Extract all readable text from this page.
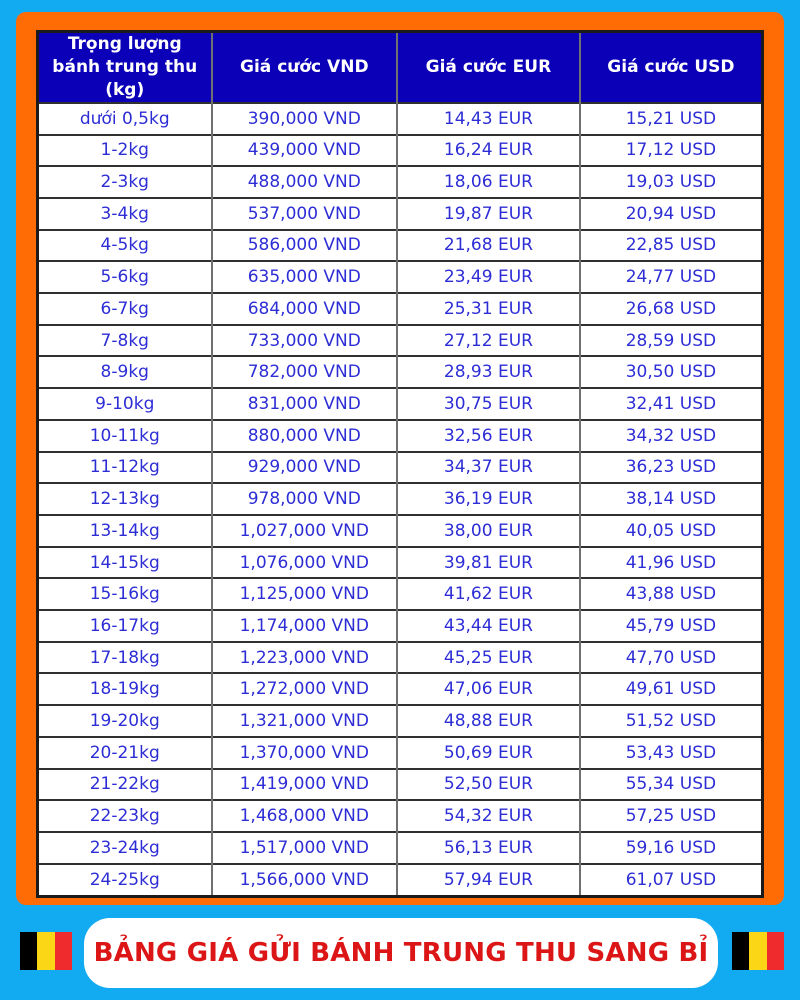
Trọng lượng bánh trung thu (kg)	Giá cước VND	Giá cước EUR	Giá cước USD
dưới 0,5kg	390,000 VND	14,43 EUR	15,21 USD
1-2kg	439,000 VND	16,24 EUR	17,12 USD
2-3kg	488,000 VND	18,06 EUR	19,03 USD
3-4kg	537,000 VND	19,87 EUR	20,94 USD
4-5kg	586,000 VND	21,68 EUR	22,85 USD
5-6kg	635,000 VND	23,49 EUR	24,77 USD
6-7kg	684,000 VND	25,31 EUR	26,68 USD
7-8kg	733,000 VND	27,12 EUR	28,59 USD
8-9kg	782,000 VND	28,93 EUR	30,50 USD
9-10kg	831,000 VND	30,75 EUR	32,41 USD
10-11kg	880,000 VND	32,56 EUR	34,32 USD
11-12kg	929,000 VND	34,37 EUR	36,23 USD
12-13kg	978,000 VND	36,19 EUR	38,14 USD
13-14kg	1,027,000 VND	38,00 EUR	40,05 USD
14-15kg	1,076,000 VND	39,81 EUR	41,96 USD
15-16kg	1,125,000 VND	41,62 EUR	43,88 USD
16-17kg	1,174,000 VND	43,44 EUR	45,79 USD
17-18kg	1,223,000 VND	45,25 EUR	47,70 USD
18-19kg	1,272,000 VND	47,06 EUR	49,61 USD
19-20kg	1,321,000 VND	48,88 EUR	51,52 USD
20-21kg	1,370,000 VND	50,69 EUR	53,43 USD
21-22kg	1,419,000 VND	52,50 EUR	55,34 USD
22-23kg	1,468,000 VND	54,32 EUR	57,25 USD
23-24kg	1,517,000 VND	56,13 EUR	59,16 USD
24-25kg	1,566,000 VND	57,94 EUR	61,07 USD
BẢNG GIÁ GỬI BÁNH TRUNG THU SANG BỈ
